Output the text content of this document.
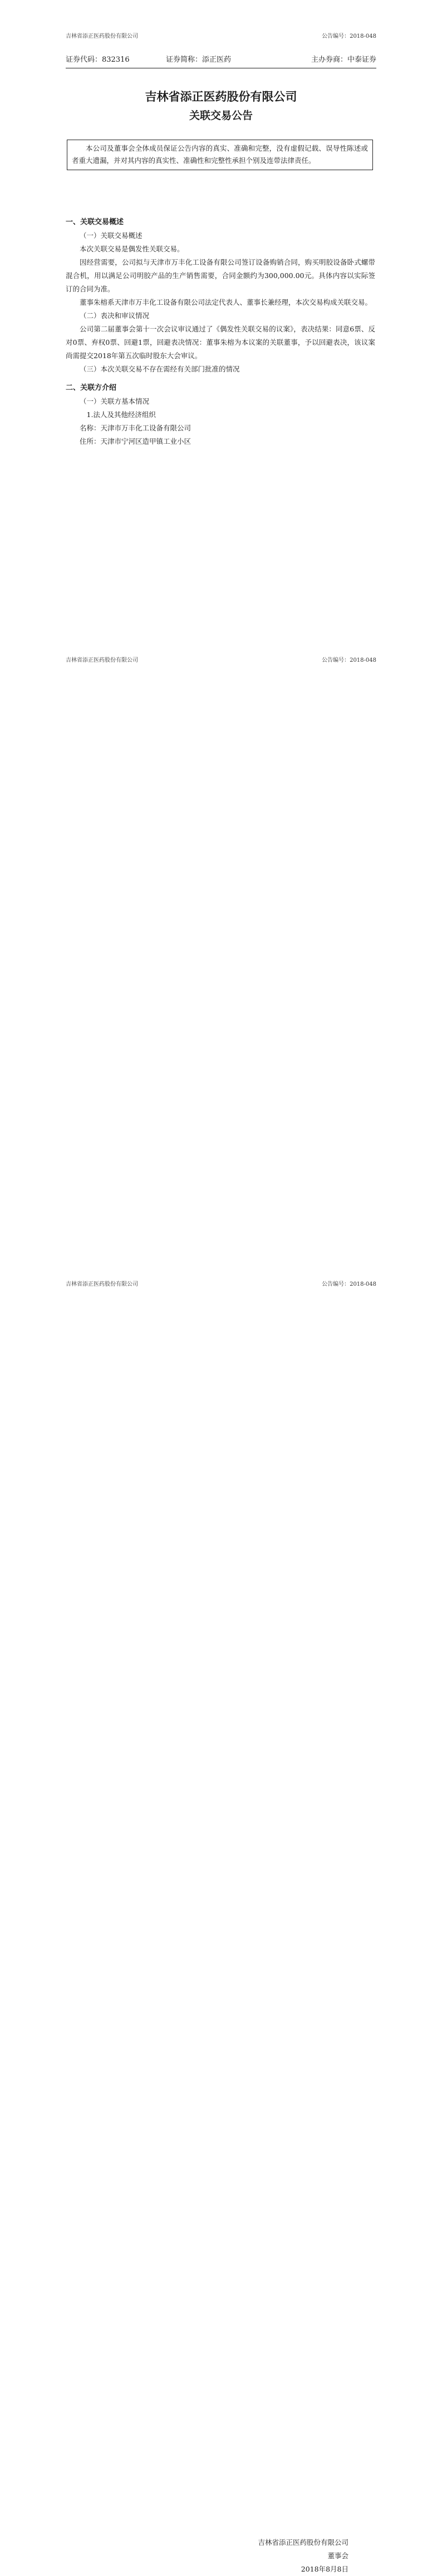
吉林省添正医药股份有限公司	公告编号：2018-048
证券代码：832316	证券简称：添正医药	主办券商：中泰证券
吉林省添正医药股份有限公司
关联交易公告
本公司及董事会全体成员保证公告内容的真实、准确和完整，没有虚假记载、误导性陈述或者重大遗漏，并对其内容的真实性、准确性和完整性承担个别及连带法律责任。
一、关联交易概述
（一）关联交易概述

本次关联交易是偶发性关联交易。

因经营需要，公司拟与天津市万丰化工设备有限公司签订设备购销合同，购买明胶设备卧式螺带混合机，用以满足公司明胶产品的生产销售需要，合同金额约为300,000.00元。具体内容以实际签订的合同为准。

董事朱榕系天津市万丰化工设备有限公司法定代表人、董事长兼经理，本次交易构成关联交易。

（二）表决和审议情况

公司第二届董事会第十一次会议审议通过了《偶发性关联交易的议案》，表决结果：同意6票、反对0票、弃权0票、回避1票，回避表决情况：董事朱榕为本议案的关联董事，予以回避表决，该议案尚需提交2018年第五次临时股东大会审议。

（三）本次关联交易不存在需经有关部门批准的情况
二、关联方介绍
（一）关联方基本情况
1.法人及其他经济组织
名称：天津市万丰化工设备有限公司
住所：天津市宁河区造甲镇工业小区
吉林省添正医药股份有限公司	公告编号：2018-048

吉林省添正医药股份有限公司	公告编号：2018-048
吉林省添正医药股份有限公司
董事会
2018年8月8日
